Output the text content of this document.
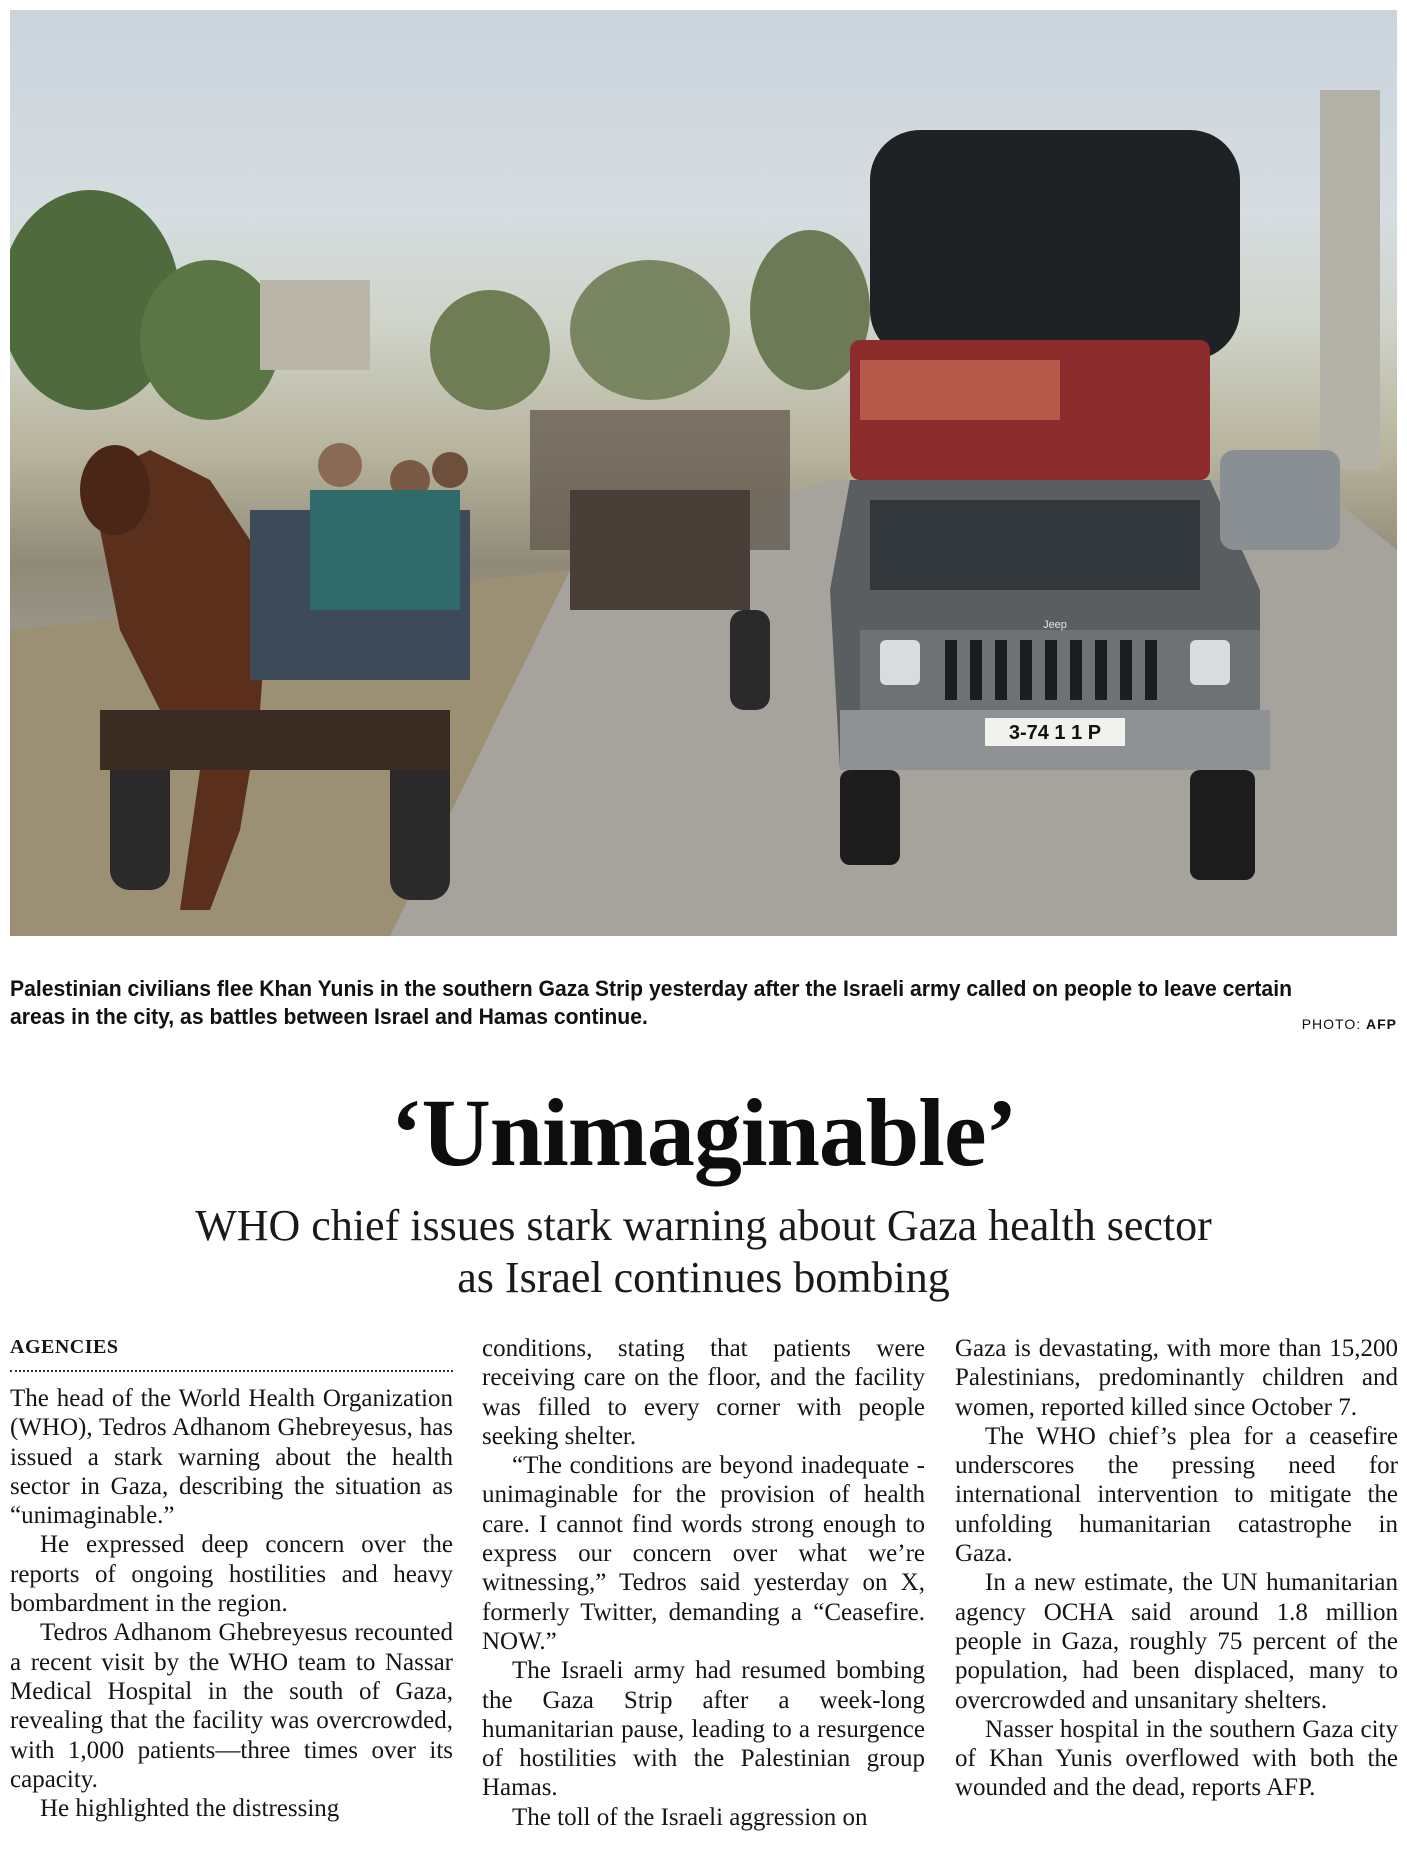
3-74 1 1 P
Jeep
Palestinian civilians flee Khan Yunis in the southern Gaza Strip yesterday after the Israeli army called on people to leave certain areas in the city, as battles between Israel and Hamas continue.	PHOTO: AFP
‘Unimaginable’
WHO chief issues stark warning about Gaza health sector
as Israel continues bombing
AGENCIES

The head of the World Health Organization (WHO), Tedros Adhanom Ghebreyesus, has issued a stark warning about the health sector in Gaza, describing the situation as “unimaginable.”

He expressed deep concern over the reports of ongoing hostilities and heavy bombardment in the region.

Tedros Adhanom Ghebreyesus recounted a recent visit by the WHO team to Nassar Medical Hospital in the south of Gaza, revealing that the facility was overcrowded, with 1,000 patients—three times over its capacity.

He highlighted the distressing

conditions, stating that patients were receiving care on the floor, and the facility was filled to every corner with people seeking shelter.

“The conditions are beyond inadequate - unimaginable for the provision of health care. I cannot find words strong enough to express our concern over what we’re witnessing,” Tedros said yesterday on X, formerly Twitter, demanding a “Ceasefire. NOW.”

The Israeli army had resumed bombing the Gaza Strip after a week-long humanitarian pause, leading to a resurgence of hostilities with the Palestinian group Hamas.

The toll of the Israeli aggression on

Gaza is devastating, with more than 15,200 Palestinians, predominantly children and women, reported killed since October 7.

The WHO chief’s plea for a ceasefire underscores the pressing need for international intervention to mitigate the unfolding humanitarian catastrophe in Gaza.

In a new estimate, the UN humanitarian agency OCHA said around 1.8 million people in Gaza, roughly 75 percent of the population, had been displaced, many to overcrowded and unsanitary shelters.

Nasser hospital in the southern Gaza city of Khan Yunis overflowed with both the wounded and the dead, reports AFP.
